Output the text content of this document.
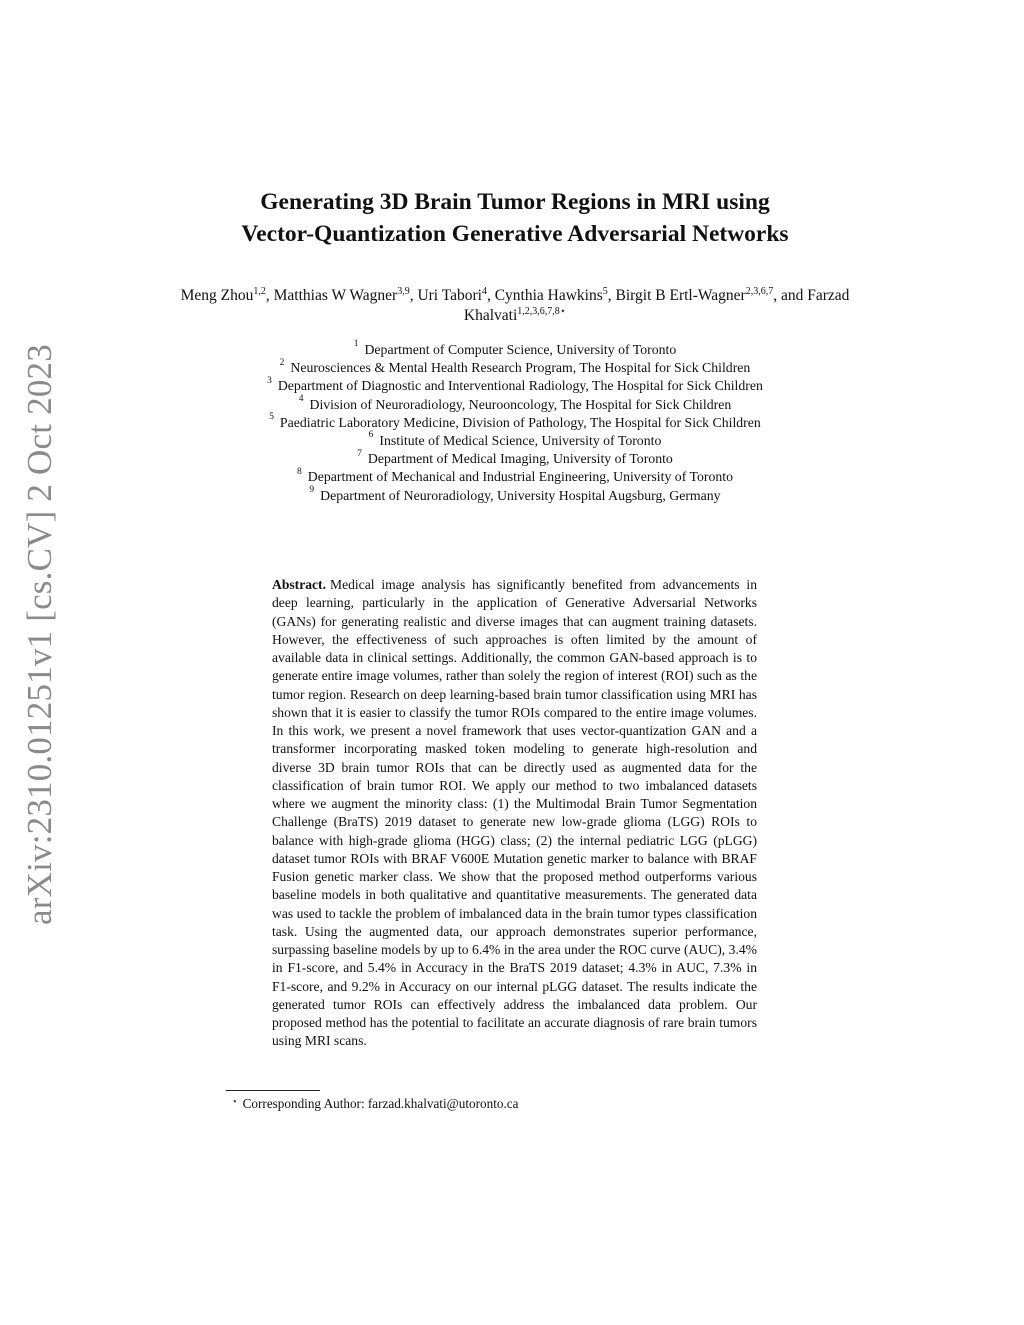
arXiv:2310.01251v1 [cs.CV] 2 Oct 2023
Generating 3D Brain Tumor Regions in MRI using
Vector-Quantization Generative Adversarial Networks
Meng Zhou$^{1,2}$, Matthias W Wagner$^{3,9}$, Uri Tabori$^4$, Cynthia Hawkins$^5$, Birgit B Ertl-Wagner$^{2,3,6,7}$, and Farzad Khalvati$^{1,2,3,6,7,8⋆}$
$^1$ Department of Computer Science, University of Toronto
$^2$ Neurosciences & Mental Health Research Program, The Hospital for Sick Children
$^3$ Department of Diagnostic and Interventional Radiology, The Hospital for Sick Children
$^4$ Division of Neuroradiology, Neurooncology, The Hospital for Sick Children
$^5$ Paediatric Laboratory Medicine, Division of Pathology, The Hospital for Sick Children
$^6$ Institute of Medical Science, University of Toronto
$^7$ Department of Medical Imaging, University of Toronto
$^8$ Department of Mechanical and Industrial Engineering, University of Toronto
$^9$ Department of Neuroradiology, University Hospital Augsburg, Germany
Abstract. Medical image analysis has significantly benefited from advancements in deep learning, particularly in the application of Generative Adversarial Networks (GANs) for generating realistic and diverse images that can augment training datasets. However, the effectiveness of such approaches is often limited by the amount of available data in clinical settings. Additionally, the common GAN-based approach is to generate entire image volumes, rather than solely the region of interest (ROI) such as the tumor region. Research on deep learning-based brain tumor classification using MRI has shown that it is easier to classify the tumor ROIs compared to the entire image volumes. In this work, we present a novel framework that uses vector-quantization GAN and a transformer incorporating masked token modeling to generate high-resolution and diverse 3D brain tumor ROIs that can be directly used as augmented data for the classification of brain tumor ROI. We apply our method to two imbalanced datasets where we augment the minority class: (1) the Multimodal Brain Tumor Segmentation Challenge (BraTS) 2019 dataset to generate new low-grade glioma (LGG) ROIs to balance with high-grade glioma (HGG) class; (2) the internal pediatric LGG (pLGG) dataset tumor ROIs with BRAF V600E Mutation genetic marker to balance with BRAF Fusion genetic marker class. We show that the proposed method outperforms various baseline models in both qualitative and quantitative measurements. The generated data was used to tackle the problem of imbalanced data in the brain tumor types classification task. Using the augmented data, our approach demonstrates superior performance, surpassing baseline models by up to 6.4% in the area under the ROC curve (AUC), 3.4% in F1-score, and 5.4% in Accuracy in the BraTS 2019 dataset; 4.3% in AUC, 7.3% in F1-score, and 9.2% in Accuracy on our internal pLGG dataset. The results indicate the generated tumor ROIs can effectively address the imbalanced data problem. Our proposed method has the potential to facilitate an accurate diagnosis of rare brain tumors using MRI scans.
⋆ Corresponding Author: farzad.khalvati@utoronto.ca
